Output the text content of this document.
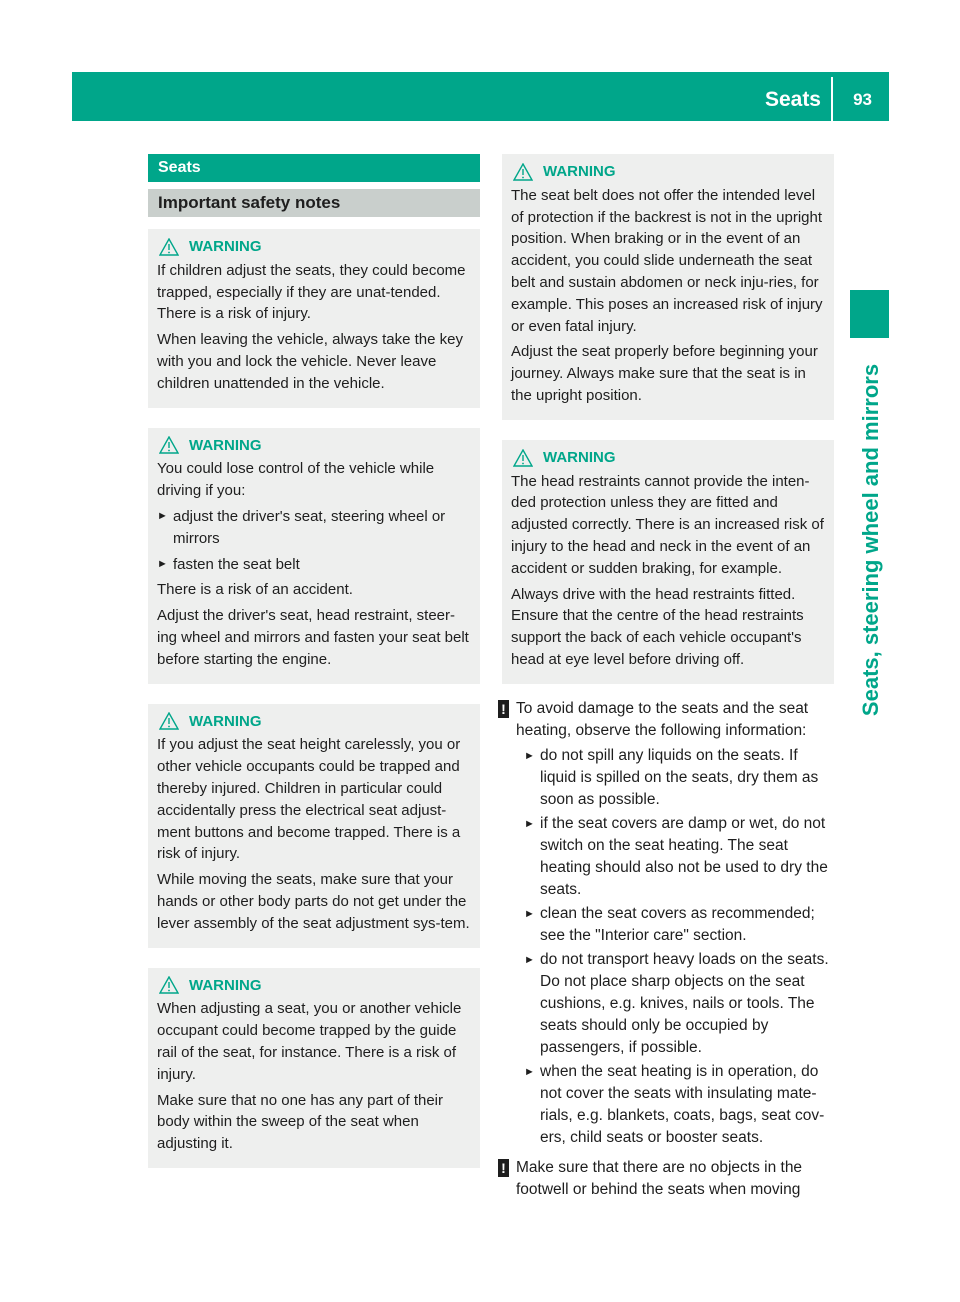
Seats 93
Seats, steering wheel and mirrors
Seats
Important safety notes
WARNING

If children adjust the seats, they could become trapped, especially if they are unat-tended. There is a risk of injury.

When leaving the vehicle, always take the key with you and lock the vehicle. Never leave children unattended in the vehicle.

WARNING

You could lose control of the vehicle while driving if you:

► adjust the driver's seat, steering wheel or mirrors
► fasten the seat belt

There is a risk of an accident.

Adjust the driver's seat, head restraint, steer-ing wheel and mirrors and fasten your seat belt before starting the engine.

WARNING

If you adjust the seat height carelessly, you or other vehicle occupants could be trapped and thereby injured. Children in particular could accidentally press the electrical seat adjust-ment buttons and become trapped. There is a risk of injury.

While moving the seats, make sure that your hands or other body parts do not get under the lever assembly of the seat adjustment sys-tem.

WARNING

When adjusting a seat, you or another vehicle occupant could become trapped by the guide rail of the seat, for instance. There is a risk of injury.

Make sure that no one has any part of their body within the sweep of the seat when adjusting it.

WARNING

The seat belt does not offer the intended level of protection if the backrest is not in the upright position. When braking or in the event of an accident, you could slide underneath the seat belt and sustain abdomen or neck inju-ries, for example. This poses an increased risk of injury or even fatal injury.

Adjust the seat properly before beginning your journey. Always make sure that the seat is in the upright position.

WARNING

The head restraints cannot provide the inten-ded protection unless they are fitted and adjusted correctly. There is an increased risk of injury to the head and neck in the event of an accident or sudden braking, for example.

Always drive with the head restraints fitted. Ensure that the centre of the head restraints support the back of each vehicle occupant's head at eye level before driving off.

! To avoid damage to the seats and the seat heating, observe the following information:

► do not spill any liquids on the seats. If liquid is spilled on the seats, dry them as soon as possible.
► if the seat covers are damp or wet, do not switch on the seat heating. The seat heating should also not be used to dry the seats.
► clean the seat covers as recommended; see the "Interior care" section.
► do not transport heavy loads on the seats. Do not place sharp objects on the seat cushions, e.g. knives, nails or tools. The seats should only be occupied by passengers, if possible.
► when the seat heating is in operation, do not cover the seats with insulating mate-rials, e.g. blankets, coats, bags, seat cov-ers, child seats or booster seats.
! Make sure that there are no objects in the footwell or behind the seats when moving
